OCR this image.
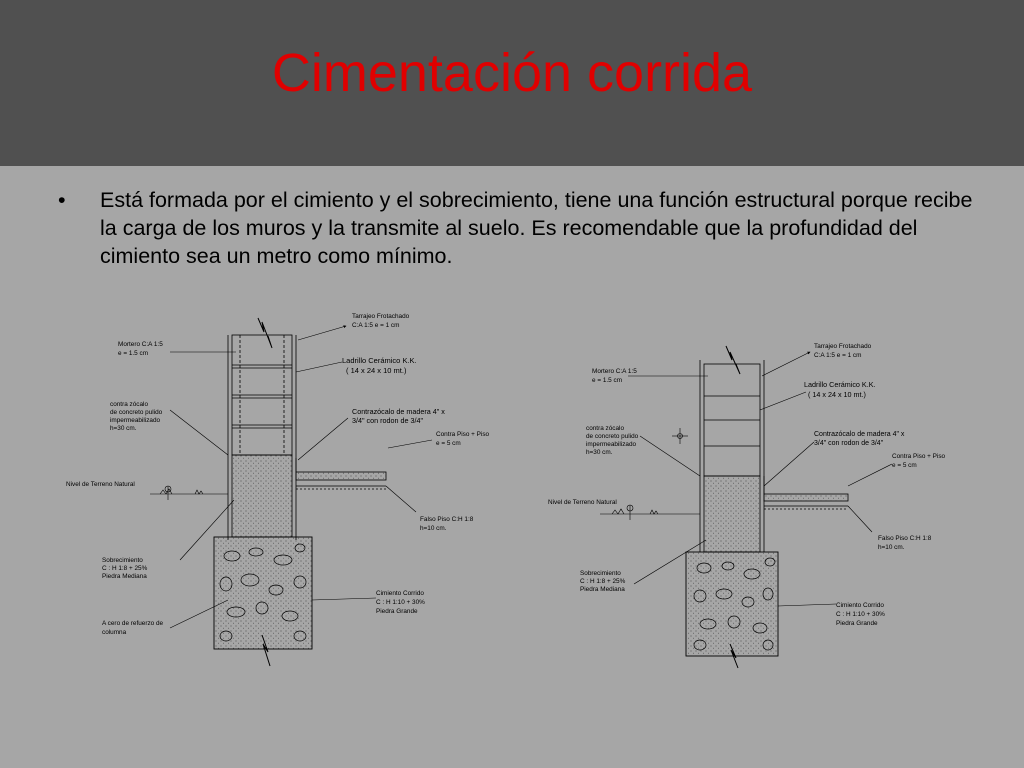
Cimentación corrida
• Está formada por el cimiento y el sobrecimiento, tiene una función estructural porque recibe la carga de los muros y la transmite al suelo. Es recomendable que la profundidad del cimiento sea un metro como mínimo.
Tarrajeo Frotachado
C:A 1:5 e = 1 cm
Mortero C:A 1:5
e = 1.5 cm
Ladrillo Cerámico K.K.
( 14 x 24 x 10 mt.)
contra zócalo
de concreto pulido
impermeabilizado
h=30 cm.
Contrazócalo de madera 4" x
3/4" con rodon de 3/4"
Contra Piso + Piso
e = 5 cm
Nivel de Terreno Natural
Falso Piso C:H 1:8
h=10 cm.
Sobrecimiento
C : H 1:8 + 25%
Piedra Mediana
Cimiento Corrido
C : H 1:10 + 30%
Piedra Grande
A cero de refuerzo de
columna
Tarrajeo Frotachado
C:A 1:5 e = 1 cm
Mortero C:A 1:5
e = 1.5 cm	Ladrillo Cerámico K.K.
( 14 x 24 x 10 mt.)
contra zócalo
de concreto pulido
impermeabilizado
h=30 cm.
Contrazócalo de madera 4" x
3/4" con rodon de 3/4"
Contra Piso + Piso
e = 5 cm
Nivel de Terreno Natural
Falso Piso C:H 1:8
h=10 cm.
Sobrecimiento
C : H 1:8 + 25%
Piedra Mediana
Cimiento Corrido
C : H 1:10 + 30%
Piedra Grande
